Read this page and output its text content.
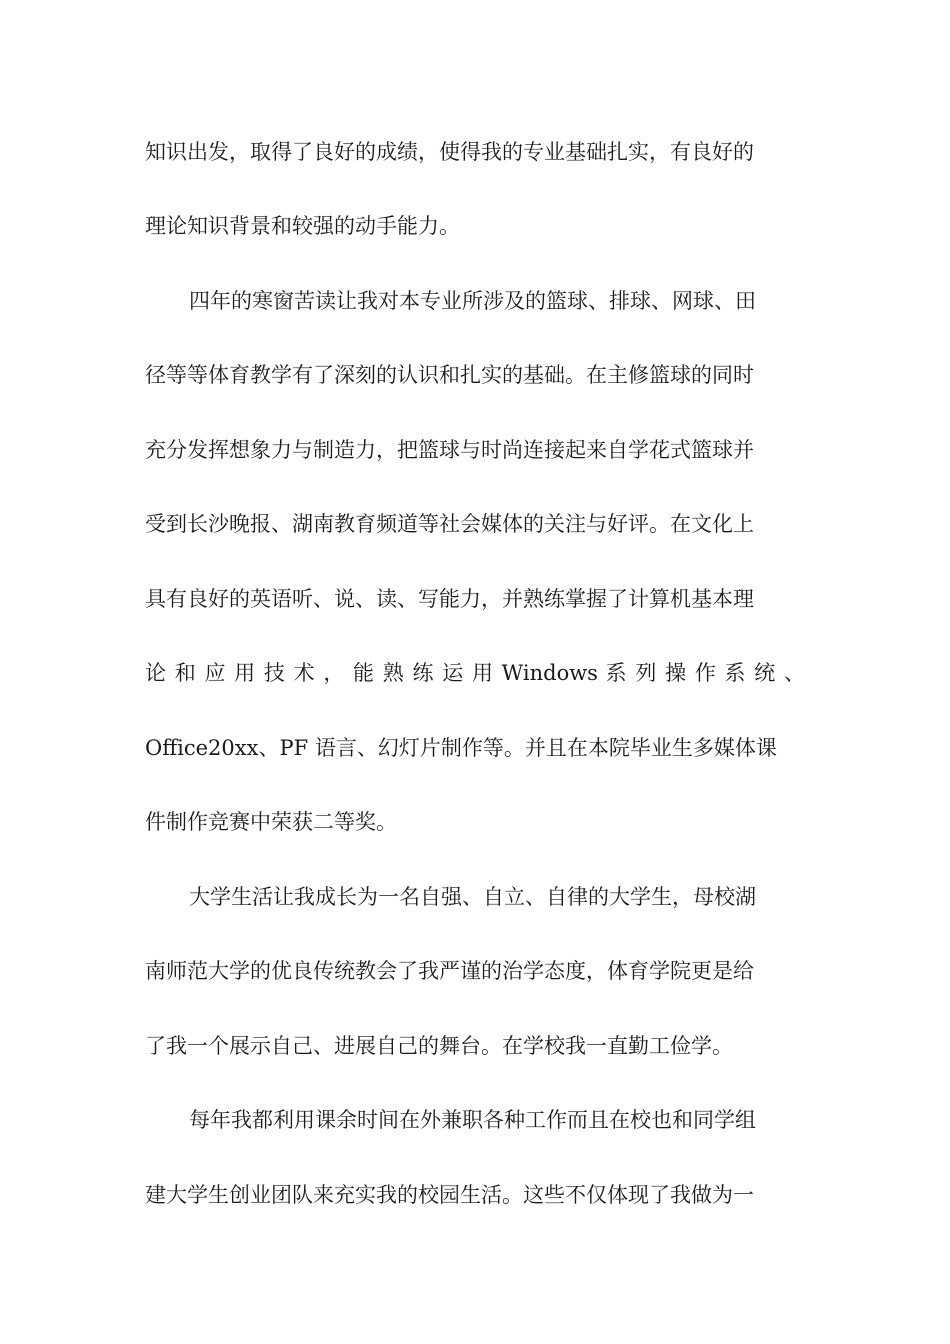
知识出发，取得了良好的成绩，使得我的专业基础扎实，有良好的
理论知识背景和较强的动手能力。
四年的寒窗苦读让我对本专业所涉及的篮球、排球、网球、田
径等等体育教学有了深刻的认识和扎实的基础。在主修篮球的同时
充分发挥想象力与制造力，把篮球与时尚连接起来自学花式篮球并
受到长沙晚报、湖南教育频道等社会媒体的关注与好评。在文化上
具有良好的英语听、说、读、写能力，并熟练掌握了计算机基本理
论 和 应 用 技 术 ， 能 熟 练 运 用 Windows 系 列 操 作 系 统 、
Office20xx、PF 语言、幻灯片制作等。并且在本院毕业生多媒体课
件制作竞赛中荣获二等奖。
大学生活让我成长为一名自强、自立、自律的大学生，母校湖
南师范大学的优良传统教会了我严谨的治学态度，体育学院更是给
了我一个展示自己、进展自己的舞台。在学校我一直勤工俭学。
每年我都利用课余时间在外兼职各种工作而且在校也和同学组
建大学生创业团队来充实我的校园生活。这些不仅体现了我做为一
